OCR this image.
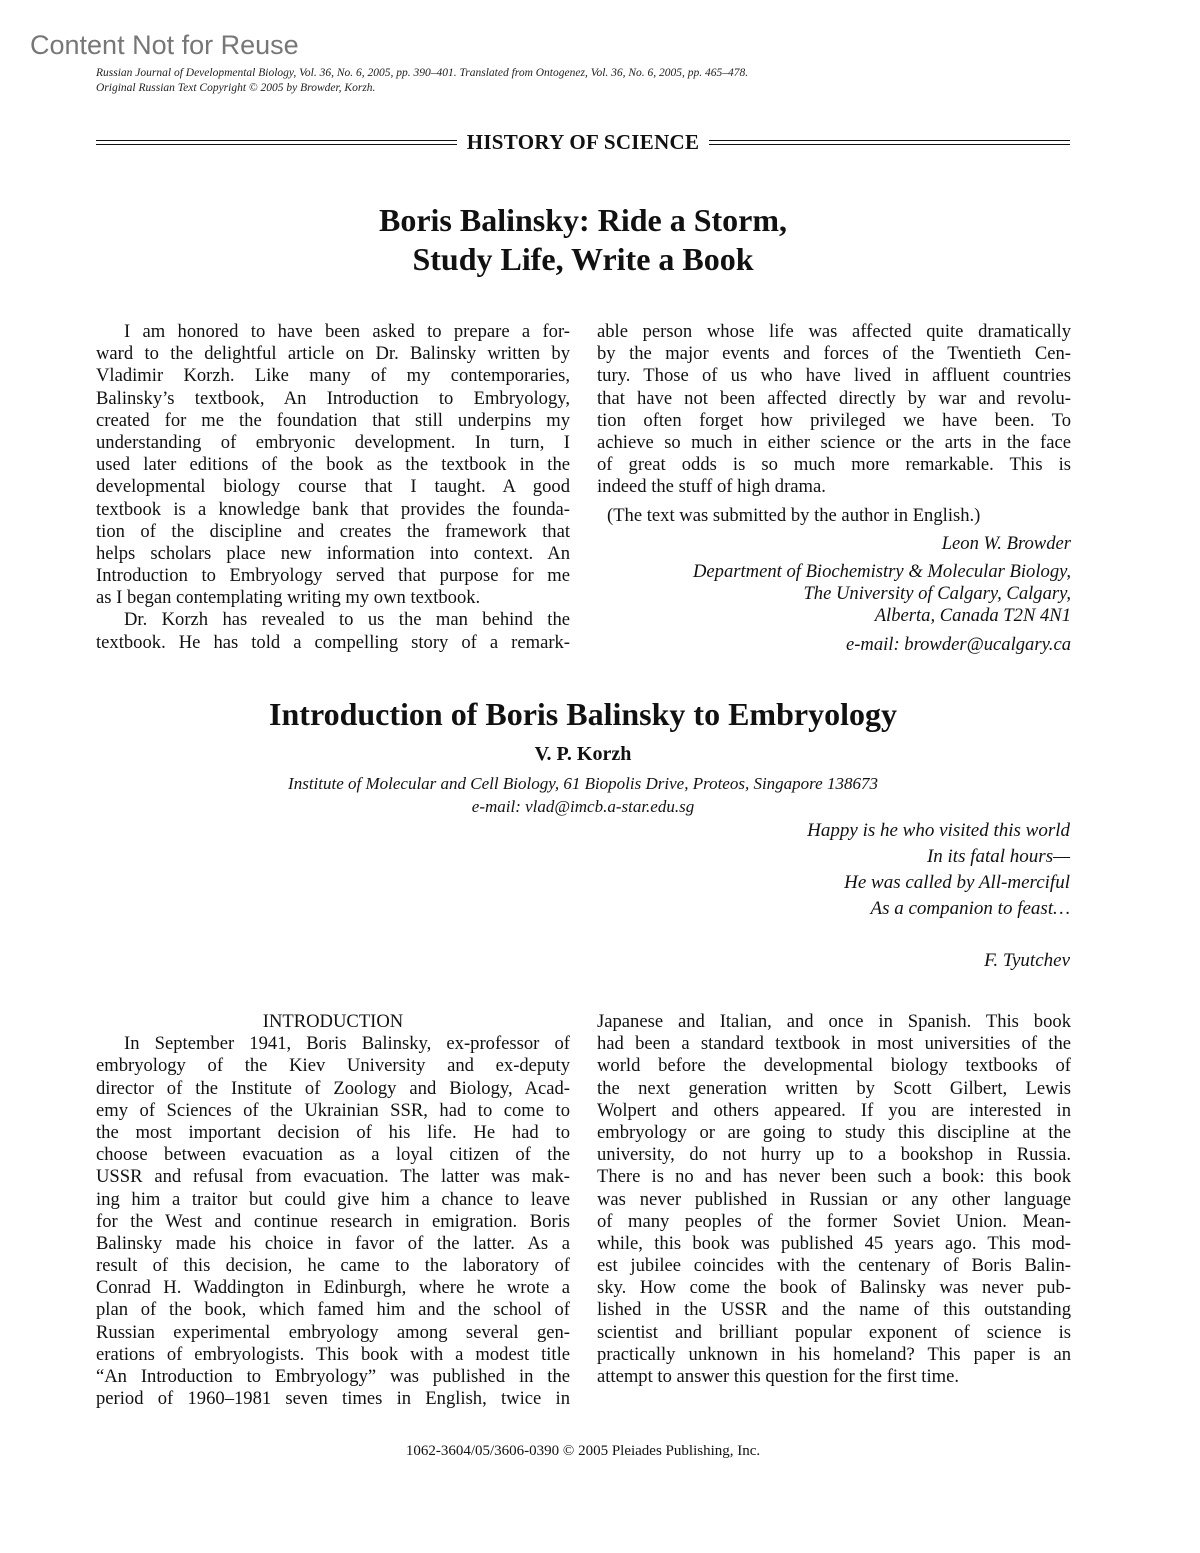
Content Not for Reuse
Russian Journal of Developmental Biology, Vol. 36, No. 6, 2005, pp. 390–401. Translated from Ontogenez, Vol. 36, No. 6, 2005, pp. 465–478.
Original Russian Text Copyright © 2005 by Browder, Korzh.
HISTORY OF SCIENCE
Boris Balinsky: Ride a Storm,
Study Life, Write a Book
I am honored to have been asked to prepare a for-
ward to the delightful article on Dr. Balinsky written by
Vladimir Korzh. Like many of my contemporaries,
Balinsky’s textbook, An Introduction to Embryology,
created for me the foundation that still underpins my
understanding of embryonic development. In turn, I
used later editions of the book as the textbook in the
developmental biology course that I taught. A good
textbook is a knowledge bank that provides the founda-
tion of the discipline and creates the framework that
helps scholars place new information into context. An
Introduction to Embryology served that purpose for me
as I began contemplating writing my own textbook.
Dr. Korzh has revealed to us the man behind the
textbook. He has told a compelling story of a remark-
able person whose life was affected quite dramatically
by the major events and forces of the Twentieth Cen-
tury. Those of us who have lived in affluent countries
that have not been affected directly by war and revolu-
tion often forget how privileged we have been. To
achieve so much in either science or the arts in the face
of great odds is so much more remarkable. This is
indeed the stuff of high drama.
(The text was submitted by the author in English.)
Leon W. Browder
Department of Biochemistry & Molecular Biology,
The University of Calgary, Calgary,
Alberta, Canada T2N 4N1
e-mail: browder@ucalgary.ca
Introduction of Boris Balinsky to Embryology
V. P. Korzh
Institute of Molecular and Cell Biology, 61 Biopolis Drive, Proteos, Singapore 138673
e-mail: vlad@imcb.a-star.edu.sg
Happy is he who visited this world
In its fatal hours—
He was called by All-merciful
As a companion to feast…
F. Tyutchev
INTRODUCTION
In September 1941, Boris Balinsky, ex-professor of
embryology of the Kiev University and ex-deputy
director of the Institute of Zoology and Biology, Acad-
emy of Sciences of the Ukrainian SSR, had to come to
the most important decision of his life. He had to
choose between evacuation as a loyal citizen of the
USSR and refusal from evacuation. The latter was mak-
ing him a traitor but could give him a chance to leave
for the West and continue research in emigration. Boris
Balinsky made his choice in favor of the latter. As a
result of this decision, he came to the laboratory of
Conrad H. Waddington in Edinburgh, where he wrote a
plan of the book, which famed him and the school of
Russian experimental embryology among several gen-
erations of embryologists. This book with a modest title
“An Introduction to Embryology” was published in the
period of 1960–1981 seven times in English, twice in
Japanese and Italian, and once in Spanish. This book
had been a standard textbook in most universities of the
world before the developmental biology textbooks of
the next generation written by Scott Gilbert, Lewis
Wolpert and others appeared. If you are interested in
embryology or are going to study this discipline at the
university, do not hurry up to a bookshop in Russia.
There is no and has never been such a book: this book
was never published in Russian or any other language
of many peoples of the former Soviet Union. Mean-
while, this book was published 45 years ago. This mod-
est jubilee coincides with the centenary of Boris Balin-
sky. How come the book of Balinsky was never pub-
lished in the USSR and the name of this outstanding
scientist and brilliant popular exponent of science is
practically unknown in his homeland? This paper is an
attempt to answer this question for the first time.
1062-3604/05/3606-0390 © 2005 Pleiades Publishing, Inc.
